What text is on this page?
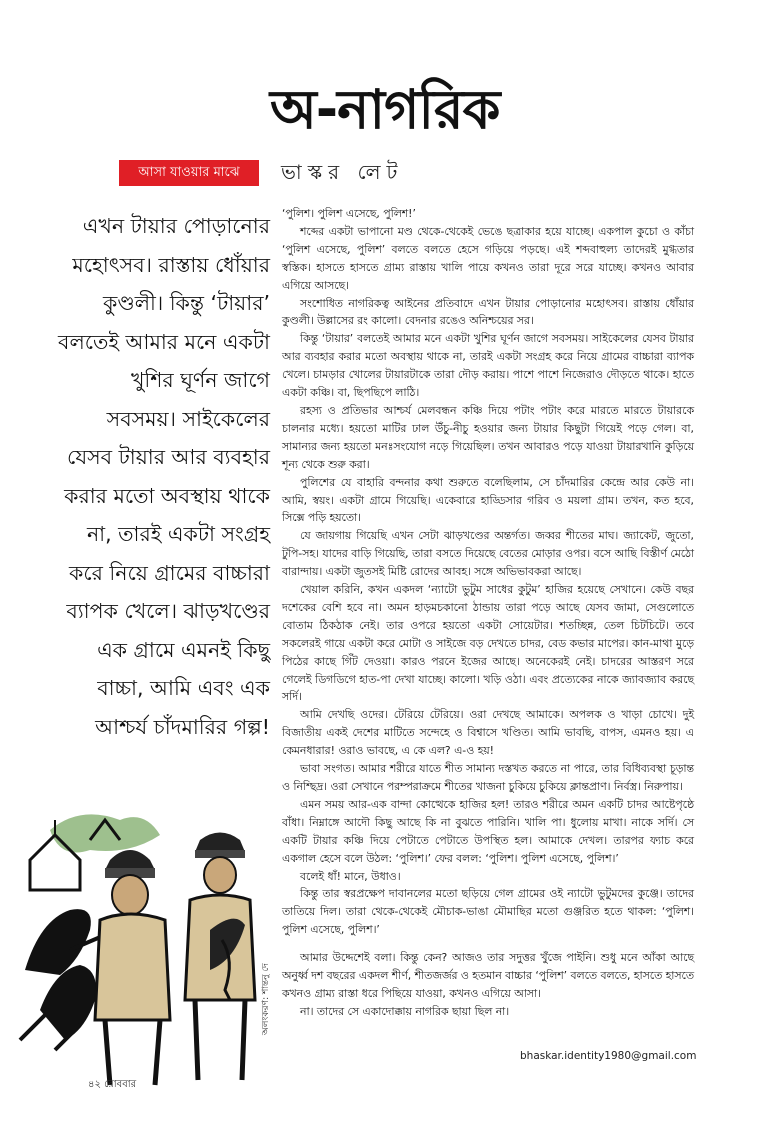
অ-নাগরিক
আসা যাওয়ার মাঝে	ভাস্কর লেট

এখন টায়ার পোড়ানোর মহোৎসব। রাস্তায় ধোঁয়ার কুণ্ডলী। কিন্তু ‘টায়ার’ বলতেই আমার মনে একটা খুশির ঘূর্ণন জাগে সবসময়। সাইকেলের যেসব টায়ার আর ব্যবহার করার মতো অবস্থায় থাকে না, তারই একটা সংগ্রহ করে নিয়ে গ্রামের বাচ্চারা ব্যাপক খেলে। ঝাড়খণ্ডের এক গ্রামে এমনই কিছু বাচ্চা, আমি এবং এক আশ্চর্য চাঁদমারির গল্প!

‘পুলিশ। পুলিশ এসেছে, পুলিশ!’

শব্দের একটা ভাপানো মণ্ড থেকে-থেকেই ভেঙে ছত্রাকার হয়ে যাচ্ছে। একপাল কুচো ও কাঁচা ‘পুলিশ এসেছে, পুলিশ’ বলতে বলতে হেসে গড়িয়ে পড়ছে। এই শব্দবাহুল্য তাদেরই মুগ্ধতার স্বস্তিক। হাসতে হাসতে গ্রাম্য রাস্তায় খালি পায়ে কখনও তারা দূরে সরে যাচ্ছে। কখনও আবার এগিয়ে আসছে।

সংশোধিত নাগরিকত্ব আইনের প্রতিবাদে এখন টায়ার পোড়ানোর মহোৎসব। রাস্তায় ধোঁয়ার কুণ্ডলী। উল্লাসের রং কালো। বেদনার রঙেও অনিশ্চয়ের সর।

কিন্তু ‘টায়ার’ বলতেই আমার মনে একটা খুশির ঘূর্ণন জাগে সবসময়। সাইকেলের যেসব টায়ার আর ব্যবহার করার মতো অবস্থায় থাকে না, তারই একটা সংগ্রহ করে নিয়ে গ্রামের বাচ্চারা ব্যাপক খেলে। চামড়ার খোলের টায়ারটাকে তারা দৌড় করায়। পাশে পাশে নিজেরাও দৌড়তে থাকে। হাতে একটা কঞ্চি। বা, ছিপছিপে লাঠি।

রহস্য ও প্রতিভার আশ্চর্য মেলবন্ধন কঞ্চি দিয়ে পটাং পটাং করে মারতে মারতে টায়ারকে চালনার মধ্যে। হয়তো মাটির ঢাল উঁচু-নীচু হওয়ার জন্য টায়ার কিছুটা গিয়েই পড়ে গেল। বা, সামান্যর জন্য হয়তো মনঃসংযোগ নড়ে গিয়েছিল। তখন আবারও পড়ে যাওয়া টায়ারখানি কুড়িয়ে শূন্য থেকে শুরু করা।

পুলিশের যে বাহারি বন্দনার কথা শুরুতে বলেছিলাম, সে চাঁদমারির কেন্দ্রে আর কেউ না। আমি, স্বয়ং। একটা গ্রামে গিয়েছি। একেবারে হাড্ডিসার গরিব ও ময়লা গ্রাম। তখন, কত হবে, সিক্সে পড়ি হয়তো।

যে জায়গায় গিয়েছি এখন সেটা ঝাড়খণ্ডের অন্তর্গত। জব্বর শীতের মাঘ। জ্যাকেট, জুতো, টুপি-সহ। যাদের বাড়ি গিয়েছি, তারা বসতে দিয়েছে বেতের মোড়ার ওপর। বসে আছি বিস্তীর্ণ মেঠো বারান্দায়। একটা জুতসই মিষ্টি রোদের আবহ। সঙ্গে অভিভাবকরা আছে।

খেয়াল করিনি, কখন একদল ‘ন্যাটো ভুটুম সাধের কুটুম’ হাজির হয়েছে সেখানে। কেউ বছর দশেকের বেশি হবে না। অমন হাড়মচকানো ঠান্ডায় তারা পড়ে আছে যেসব জামা, সেগুলোতে বোতাম ঠিকঠাক নেই। তার ওপরে হয়তো একটা সোয়েটার। শতচ্ছিন্ন, তেল চিটচিটে। তবে সকলেরই গায়ে একটা করে মোটা ও সাইজে বড় দেখতে চাদর, বেড কভার মাপের। কান-মাথা মুড়ে পিঠের কাছে গিঁট দেওয়া। কারও পরনে ইজের আছে। অনেকেরই নেই। চাদরের আস্তরণ সরে গেলেই ডিগডিগে হাত-পা দেখা যাচ্ছে। কালো। খড়ি ওঠা। এবং প্রত্যেকের নাকে জ্যাবজ্যাব করছে সর্দি।

আমি দেখছি ওদের। টেরিয়ে টেরিয়ে। ওরা দেখছে আমাকে। অপলক ও খাড়া চোখে। দুই বিজাতীয় একই দেশের মাটিতে সন্দেহে ও বিশ্বাসে খণ্ডিত। আমি ভাবছি, বাপস, এমনও হয়। এ কেমনধারার! ওরাও ভাবছে, এ কে এল? এ-ও হয়!

ভাবা সংগত। আমার শরীরে যাতে শীত সামান্য দস্তখত করতে না পারে, তার বিধিব্যবস্থা চূড়ান্ত ও নিশ্ছিদ্র। ওরা সেখানে পরম্পরাক্রমে শীতের খাজনা চুকিয়ে চুকিয়ে ক্লান্তপ্রাণ। নির্বস্ত্র। নিরুপায়।

এমন সময় আর-এক বান্দা কোত্থেকে হাজির হল! তারও শরীরে অমন একটি চাদর আষ্টেপৃষ্ঠে বাঁধা। নিম্নাঙ্গে আদৌ কিছু আছে কি না বুঝতে পারিনি। খালি পা। ধুলোয় মাখা। নাকে সর্দি। সে একটি টায়ার কঞ্চি দিয়ে পেটাতে পেটাতে উপস্থিত হল। আমাকে দেখল। তারপর ফ্যাচ করে একগাল হেসে বলে উঠল: ‘পুলিশ।’ ফের বলল: ‘পুলিশ। পুলিশ এসেছে, পুলিশ।’

বলেই ধাঁ! মানে, উধাও।

কিন্তু তার স্বরপ্রক্ষেপ দাবানলের মতো ছড়িয়ে গেল গ্রামের ওই ন্যাটো ভুটুমদের কুঞ্জে। তাদের তাতিয়ে দিল। তারা থেকে-থেকেই মৌচাক-ভাঙা মৌমাছির মতো গুঞ্জরিত হতে থাকল: ‘পুলিশ। পুলিশ এসেছে, পুলিশ।’

আমার উদ্দেশেই বলা। কিন্তু কেন? আজও তার সদুত্তর খুঁজে পাইনি। শুধু মনে আঁকা আছে অনুর্ধ্ব দশ বছরের একদল শীর্ণ, শীতজর্জর ও হতমান বাচ্চার ‘পুলিশ’ বলতে বলতে, হাসতে হাসতে কখনও গ্রাম্য রাস্তা ধরে পিছিয়ে যাওয়া, কখনও এগিয়ে আসা।

না। তাদের সে একাদোক্কায় নাগরিক ছায়া ছিল না।

অলংকরণ: শান্তনু দে
bhaskar.identity1980@gmail.com
৪২ রোববার
